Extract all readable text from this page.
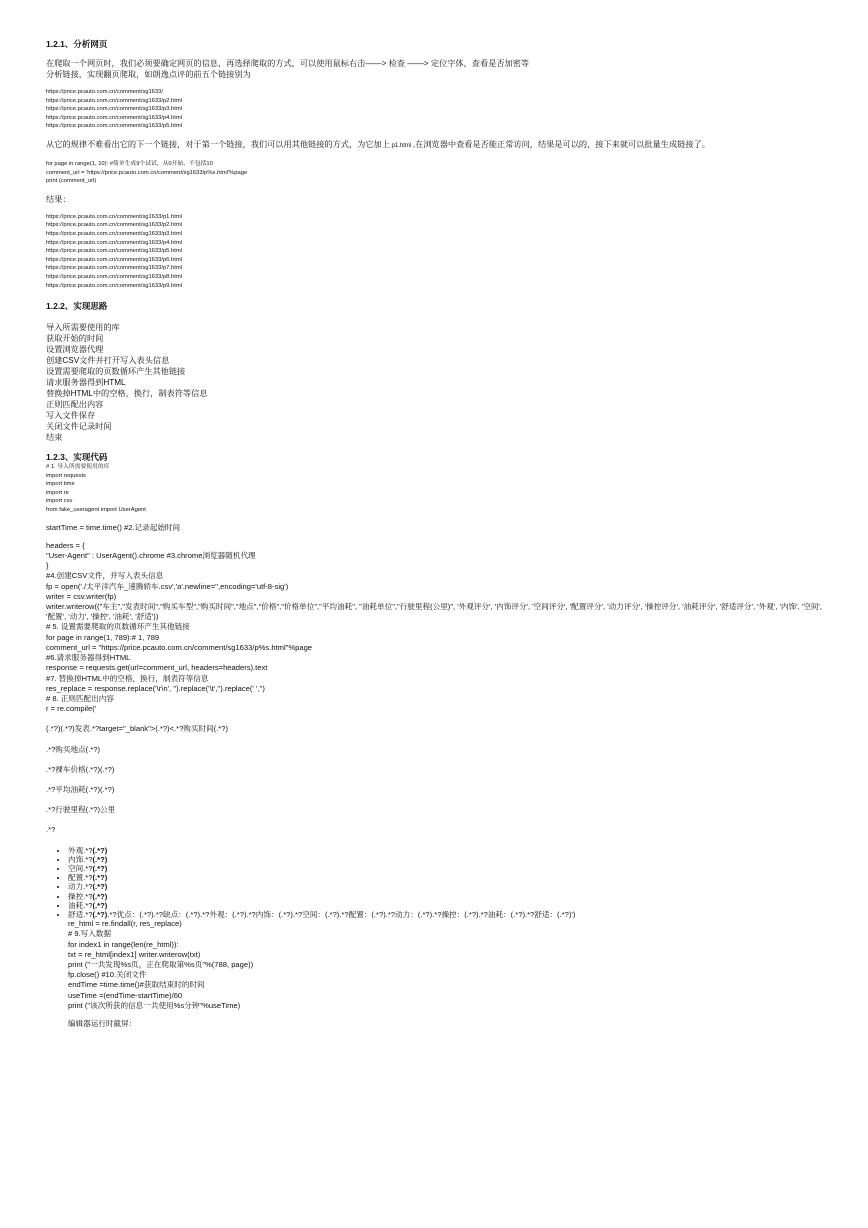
1.2.1、分析网页

在爬取一个网页时，我们必须要确定网页的信息，再选择爬取的方式，可以使用鼠标右击——> 检查 ——> 定位字体，查看是否加密等

分析链接，实现翻页爬取，如朗逸点评的前五个链接别为

https://price.pcauto.com.cn/comment/sg1633/

https://price.pcauto.com.cn/comment/sg1633/p2.html

https://price.pcauto.com.cn/comment/sg1633/p3.html

https://price.pcauto.com.cn/comment/sg1633/p4.html

https://price.pcauto.com.cn/comment/sg1633/p5.html

从它的规律不难看出它的下一个链接，对于第一个链接，我们可以用其他链接的方式，为它加上 p1.html ,在浏览器中查看是否能正常访问，结果是可以的，接下来就可以批量生成链接了。

for page in range(1, 10): #简单生成9个试试，从0开始，不包括10

comment_url = 'https://price.pcauto.com.cn/comment/sg1633/p%s.html'%page

print (comment_url)

结果：

https://price.pcauto.com.cn/comment/sg1633/p1.html

https://price.pcauto.com.cn/comment/sg1633/p2.html

https://price.pcauto.com.cn/comment/sg1633/p3.html

https://price.pcauto.com.cn/comment/sg1633/p4.html

https://price.pcauto.com.cn/comment/sg1633/p5.html

https://price.pcauto.com.cn/comment/sg1633/p6.html

https://price.pcauto.com.cn/comment/sg1633/p7.html

https://price.pcauto.com.cn/comment/sg1633/p8.html

https://price.pcauto.com.cn/comment/sg1633/p9.html

1.2.2、实现思路

导入所需要使用的库

获取开始的时间

设置浏览器代理

创建CSV文件并打开写入表头信息

设置需要爬取的页数循环产生其他链接

请求服务器得到HTML

替换掉HTML中的空格，换行，制表符等信息

正则匹配出内容

写入文件保存

关闭文件记录时间

结束

1.2.3、实现代码

# 1. 导入所需要使用的库

import requests

import time

import re

import csv

from fake_useragent import UserAgent

startTime = time.time() #2.记录起始时间

headers = {

"User-Agent" : UserAgent().chrome #3.chrome浏览器随机代理

}

#4.创建CSV文件，并写入表头信息

fp = open('./太平洋汽车_速腾轿车.csv','a',newline='',encoding='utf-8-sig')

writer = csv.writer(fp)

writer.writerow(("车主","发表时间","购买车型","购买时间","地点","价格","价格单位","平均油耗", "油耗单位","行驶里程(公里)", '外观评分', '内饰评分', '空间评分', '配置评分', '动力评分', '操控评分', '油耗评分', '舒适评分', '外观', '内饰', '空间', '配置', '动力', '操控', '油耗', '舒适'))

# 5. 设置需要爬取的页数循环产生其他链接

for page in range(1, 789):# 1, 789

comment_url = "https://price.pcauto.com.cn/comment/sg1633/p%s.html"%page

#6.请求服务器得到HTML

response = requests.get(url=comment_url, headers=headers).text

#7. 替换掉HTML中的空格，换行，制表符等信息

res_replace = response.replace('\r\n', '').replace('\t','').replace(' ','')

# 8. 正则匹配出内容

r = re.compile('

(.*?)(.*?)发表.*?target="_blank">(.*?)<.*?购买时间(.*?)

.*?购买地点(.*?)

.*?裸车价格(.*?)(.*?)

.*?平均油耗(.*?)(.*?)

.*?行驶里程(.*?)公里

.*?

• 外观.*?(.*?)
• 内饰.*?(.*?)
• 空间.*?(.*?)
• 配置.*?(.*?)
• 动力.*?(.*?)
• 操控.*?(.*?)
• 油耗.*?(.*?)
• 舒适.*?(.*?).*?优点：(.*?).*?缺点：(.*?).*?外观：(.*?).*?内饰：(.*?).*?空间：(.*?).*?配置：(.*?).*?动力：(.*?).*?操控：(.*?).*?油耗：(.*?).*?舒适：(.*?)')

re_html = re.findall(r, res_replace)

# 9.写入数据

for index1 in range(len(re_html)):

txt = re_html[index1] writer.writerow(txt)

print ("一共发现%s页，正在爬取第%s页"%(788, page))

fp.close() #10.关闭文件

endTime =time.time()#获取结束时的时间

useTime =(endTime-startTime)/60

print ("该次所获的信息一共使用%s分钟"%useTime)

编辑器运行时截屏：
